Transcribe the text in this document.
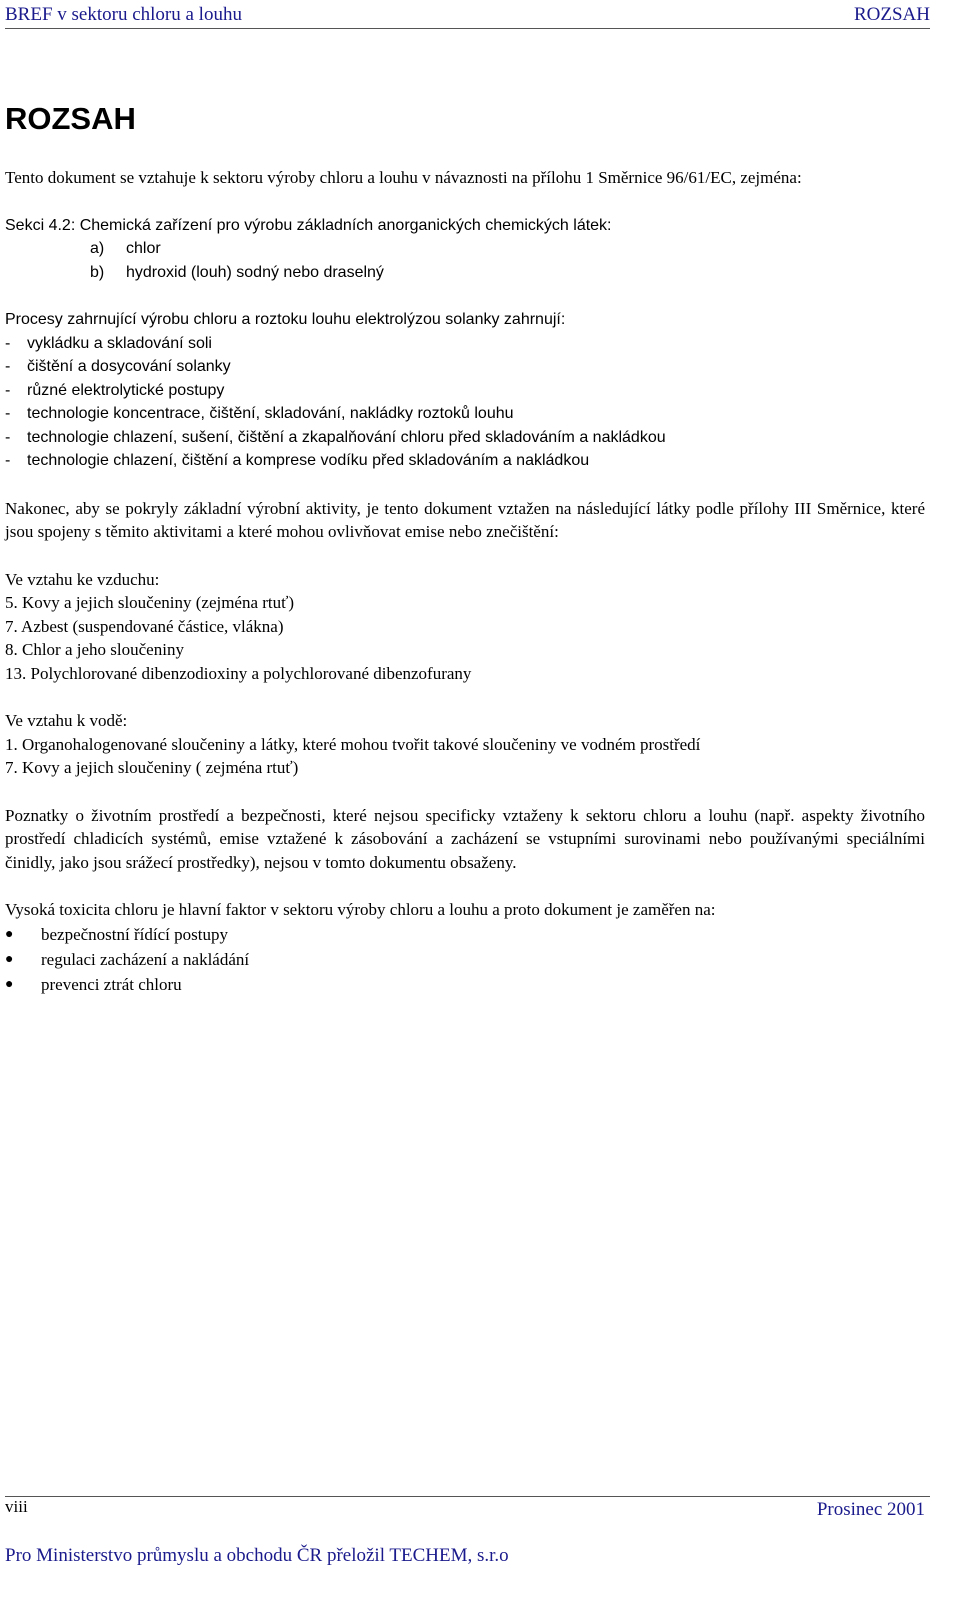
BREF v sektoru chloru a louhu	ROZSAH
ROZSAH

Tento dokument se vztahuje k sektoru výroby chloru a louhu v návaznosti na přílohu 1 Směrnice 96/61/EC, zejména:

Sekci 4.2: Chemická zařízení pro výrobu základních anorganických chemických látek:

a) chlor
b) hydroxid (louh) sodný nebo draselný

Procesy zahrnující výrobu chloru a roztoku louhu elektrolýzou solanky zahrnují:

- vykládku a skladování soli
- čištění a dosycování solanky
- různé elektrolytické postupy
- technologie koncentrace, čištění, skladování, nakládky roztoků louhu
- technologie chlazení, sušení, čištění a zkapalňování chloru před skladováním a nakládkou
- technologie chlazení, čištění a komprese vodíku před skladováním a nakládkou

Nakonec, aby se pokryly základní výrobní aktivity, je tento dokument vztažen na následující látky podle přílohy III Směrnice, které jsou spojeny s těmito aktivitami a které mohou ovlivňovat emise nebo znečištění:

Ve vztahu ke vzduchu:
5. Kovy a jejich sloučeniny (zejména rtuť)
7. Azbest (suspendované částice, vlákna)
8. Chlor a jeho sloučeniny
13. Polychlorované dibenzodioxiny a polychlorované dibenzofurany

Ve vztahu k vodě:
1. Organohalogenované sloučeniny a látky, které mohou tvořit takové sloučeniny ve vodném prostředí
7. Kovy a jejich sloučeniny ( zejména rtuť)

Poznatky o životním prostředí a bezpečnosti, které nejsou specificky vztaženy k sektoru chloru a louhu (např. aspekty životního prostředí chladicích systémů, emise vztažené k zásobování a zacházení se vstupními surovinami nebo používanými speciálními činidly, jako jsou srážecí prostředky), nejsou v tomto dokumentu obsaženy.

Vysoká toxicita chloru je hlavní faktor v sektoru výroby chloru a louhu a proto dokument je zaměřen na:
● bezpečnostní řídící postupy
● regulaci zacházení a nakládání
● prevenci ztrát chloru
viii	Prosinec 2001
Pro Ministerstvo průmyslu a obchodu ČR přeložil TECHEM, s.r.o
